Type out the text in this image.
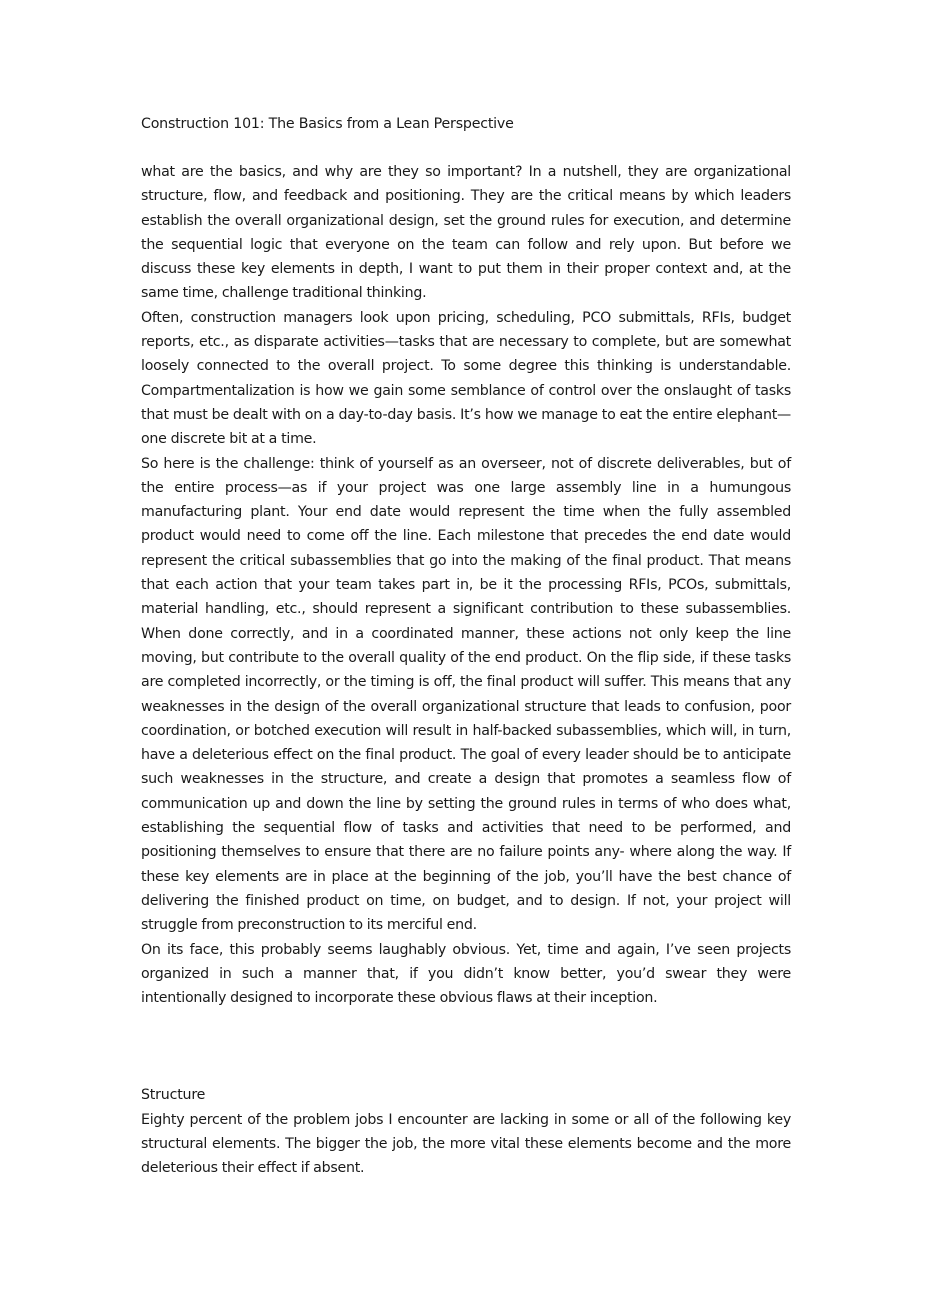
Construction 101: The Basics from a Lean Perspective

what are the basics, and why are they so important? In a nutshell, they are organizational structure, flow, and feedback and positioning. They are the critical means by which leaders establish the overall organizational design, set the ground rules for execution, and determine the sequential logic that everyone on the team can follow and rely upon. But before we discuss these key elements in depth, I want to put them in their proper context and, at the same time, challenge traditional thinking.

Often, construction managers look upon pricing, scheduling, PCO submittals, RFIs, budget reports, etc., as disparate activities—tasks that are necessary to complete, but are somewhat loosely connected to the overall project. To some degree this thinking is understandable. Compartmentalization is how we gain some semblance of control over the onslaught of tasks that must be dealt with on a day-to-day basis. It’s how we manage to eat the entire elephant—one discrete bit at a time.

So here is the challenge: think of yourself as an overseer, not of discrete deliverables, but of the entire process—as if your project was one large assembly line in a humungous manufacturing plant. Your end date would represent the time when the fully assembled product would need to come off the line. Each milestone that precedes the end date would represent the critical subassemblies that go into the making of the final product. That means that each action that your team takes part in, be it the processing RFIs, PCOs, submittals, material handling, etc., should represent a significant contribution to these subassemblies. When done correctly, and in a coordinated manner, these actions not only keep the line moving, but contribute to the overall quality of the end product. On the flip side, if these tasks are completed incorrectly, or the timing is off, the final product will suffer. This means that any weaknesses in the design of the overall organizational structure that leads to confusion, poor coordination, or botched execution will result in half-backed subassemblies, which will, in turn, have a deleterious effect on the final product. The goal of every leader should be to anticipate such weaknesses in the structure, and create a design that promotes a seamless flow of communication up and down the line by setting the ground rules in terms of who does what, establishing the sequential flow of tasks and activities that need to be performed, and positioning themselves to ensure that there are no failure points any- where along the way. If these key elements are in place at the beginning of the job, you’ll have the best chance of delivering the finished product on time, on budget, and to design. If not, your project will struggle from preconstruction to its merciful end.

On its face, this probably seems laughably obvious. Yet, time and again, I’ve seen projects organized in such a manner that, if you didn’t know better, you’d swear they were intentionally designed to incorporate these obvious flaws at their inception.

Structure

Eighty percent of the problem jobs I encounter are lacking in some or all of the following key structural elements. The bigger the job, the more vital these elements become and the more deleterious their effect if absent.
